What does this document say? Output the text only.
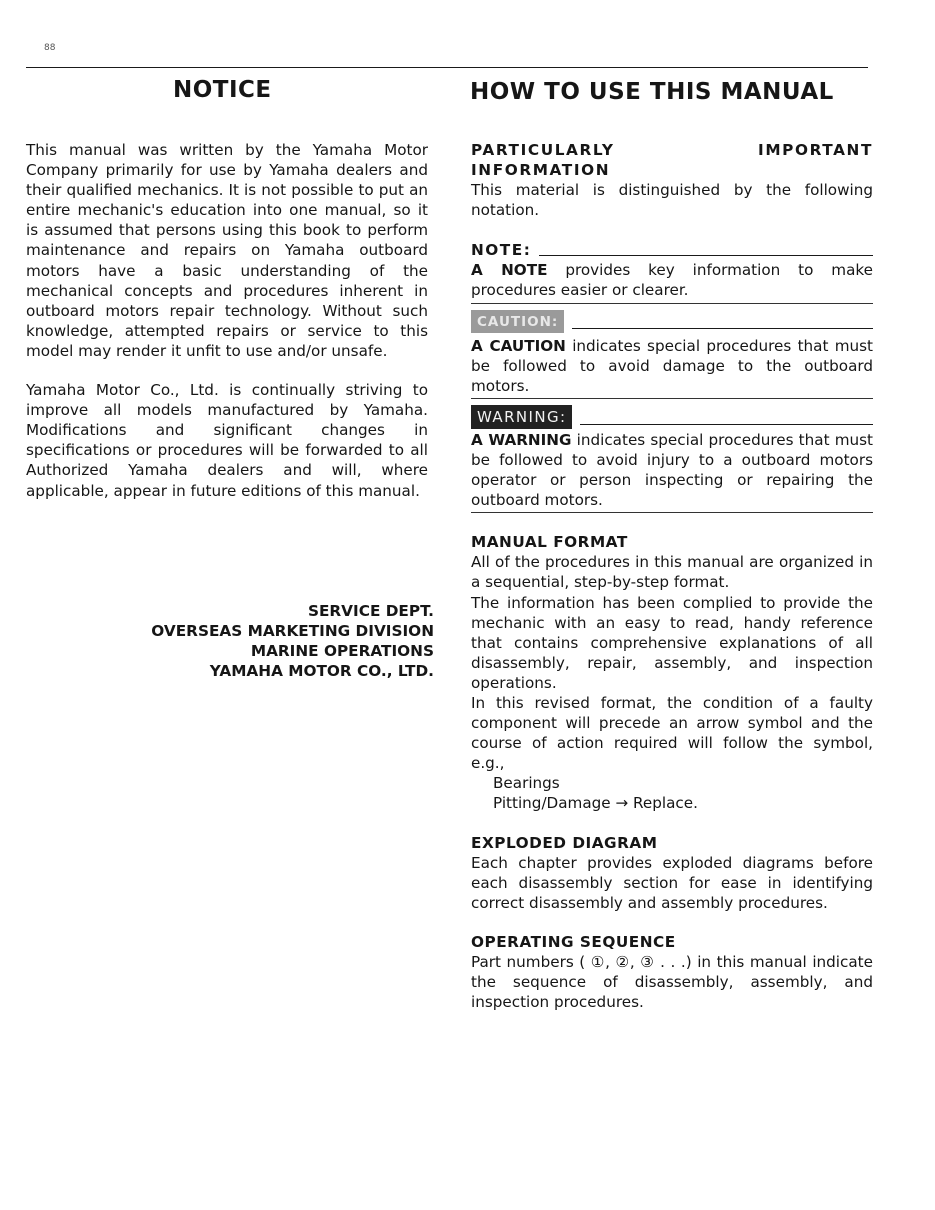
88
NOTICE	HOW TO USE THIS MANUAL

This manual was written by the Yamaha Motor Company primarily for use by Yamaha dealers and their qualified mechanics. It is not possible to put an entire mechanic's education into one manual, so it is assumed that persons using this book to perform maintenance and repairs on Yamaha outboard motors have a basic understanding of the mechanical concepts and procedures inherent in outboard motors repair technology. Without such knowledge, attempted repairs or service to this model may render it unfit to use and/or unsafe.

Yamaha Motor Co., Ltd. is continually striving to improve all models manufactured by Yamaha. Modifications and significant changes in specifications or procedures will be forwarded to all Authorized Yamaha dealers and will, where applicable, appear in future editions of this manual.

SERVICE DEPT.
OVERSEAS MARKETING DIVISION
MARINE OPERATIONS
YAMAHA MOTOR CO., LTD.

PARTICULARLY IMPORTANT INFORMATION

This material is distinguished by the following notation.

NOTE:

A NOTE provides key information to make procedures easier or clearer.

CAUTION:

A CAUTION indicates special procedures that must be followed to avoid damage to the outboard motors.

WARNING:

A WARNING indicates special procedures that must be followed to avoid injury to a outboard motors operator or person inspecting or repairing the outboard motors.

MANUAL FORMAT

All of the procedures in this manual are organized in a sequential, step-by-step format.

The information has been complied to provide the mechanic with an easy to read, handy reference that contains comprehensive explanations of all disassembly, repair, assembly, and inspection operations.

In this revised format, the condition of a faulty component will precede an arrow symbol and the course of action required will follow the symbol, e.g.,

Bearings

Pitting/Damage → Replace.

EXPLODED DIAGRAM

Each chapter provides exploded diagrams before each disassembly section for ease in identifying correct disassembly and assembly procedures.

OPERATING SEQUENCE

Part numbers ( ①, ②, ③ . . .) in this manual indicate the sequence of disassembly, assembly, and inspection procedures.
